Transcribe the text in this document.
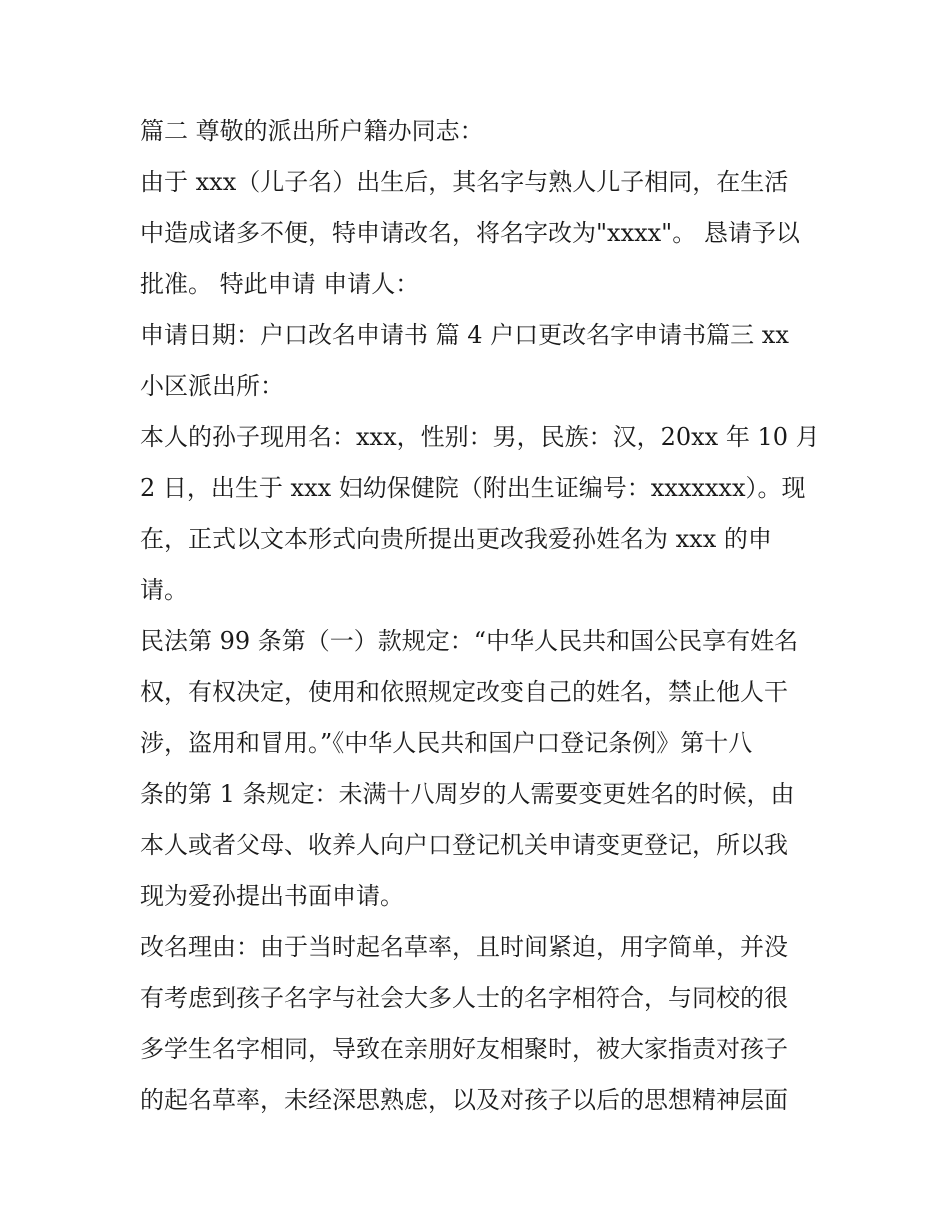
篇二 尊敬的派出所户籍办同志：
由于 xxx（儿子名）出生后，其名字与熟人儿子相同，在生活
中造成诸多不便，特申请改名，将名字改为"xxxx"。 恳请予以
批准。 特此申请 申请人：
申请日期：户口改名申请书 篇 4 户口更改名字申请书篇三 xx
小区派出所：
本人的孙子现用名：xxx，性别：男，民族：汉，20xx 年 10 月
2 日，出生于 xxx 妇幼保健院（附出生证编号：xxxxxxx）。现
在，正式以文本形式向贵所提出更改我爱孙姓名为 xxx 的申
请。
民法第 99 条第（一）款规定：“中华人民共和国公民享有姓名
权，有权决定，使用和依照规定改变自己的姓名，禁止他人干
涉，盗用和冒用。”《中华人民共和国户口登记条例》第十八
条的第 1 条规定：未满十八周岁的人需要变更姓名的时候，由
本人或者父母、收养人向户口登记机关申请变更登记，所以我
现为爱孙提出书面申请。
改名理由：由于当时起名草率，且时间紧迫，用字简单，并没
有考虑到孩子名字与社会大多人士的名字相符合，与同校的很
多学生名字相同，导致在亲朋好友相聚时，被大家指责对孩子
的起名草率，未经深思熟虑，以及对孩子以后的思想精神层面
